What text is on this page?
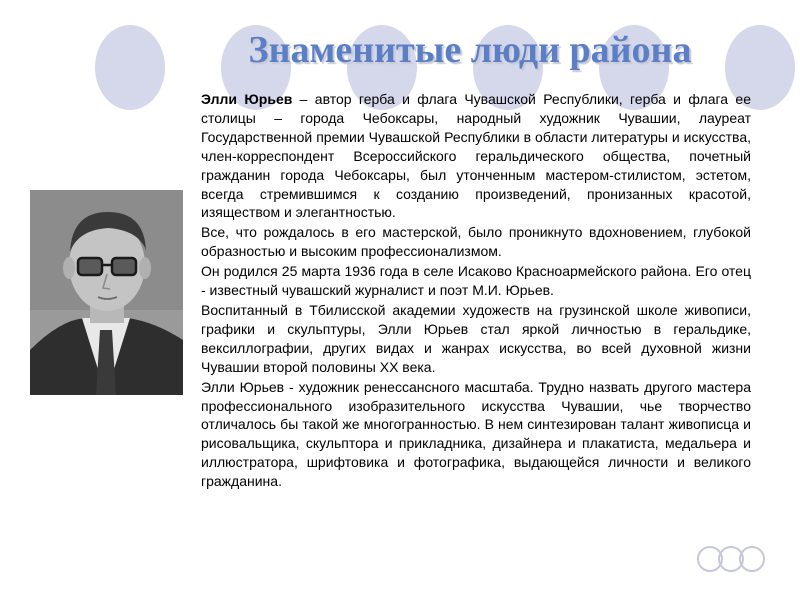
Знаменитые люди района

Элли Юрьев – автор герба и флага Чувашской Республики, герба и флага ее столицы – города Чебоксары, народный художник Чувашии, лауреат Государственной премии Чувашской Республики в области литературы и искусства, член-корреспондент Всероссийского геральдического общества, почетный гражданин города Чебоксары, был утонченным мастером-стилистом, эстетом, всегда стремившимся к созданию произведений, пронизанных красотой, изяществом и элегантностью.

Все, что рождалось в его мастерской, было проникнуто вдохновением, глубокой образностью и высоким профессионализмом.

Он родился 25 марта 1936 года в селе Исаково Красноармейского района. Его отец - известный чувашский журналист и поэт М.И. Юрьев.

Воспитанный в Тбилисской академии художеств на грузинской школе живописи, графики и скульптуры, Элли Юрьев стал яркой личностью в геральдике, вексиллографии, других видах и жанрах искусства, во всей духовной жизни Чувашии второй половины XX века.

Элли Юрьев - художник ренессансного масштаба. Трудно назвать другого мастера профессионального изобразительного искусства Чувашии, чье творчество отличалось бы такой же многогранностью. В нем синтезирован талант живописца и рисовальщика, скульптора и прикладника, дизайнера и плакатиста, медальера и иллюстратора, шрифтовика и фотографика, выдающейся личности и великого гражданина.
